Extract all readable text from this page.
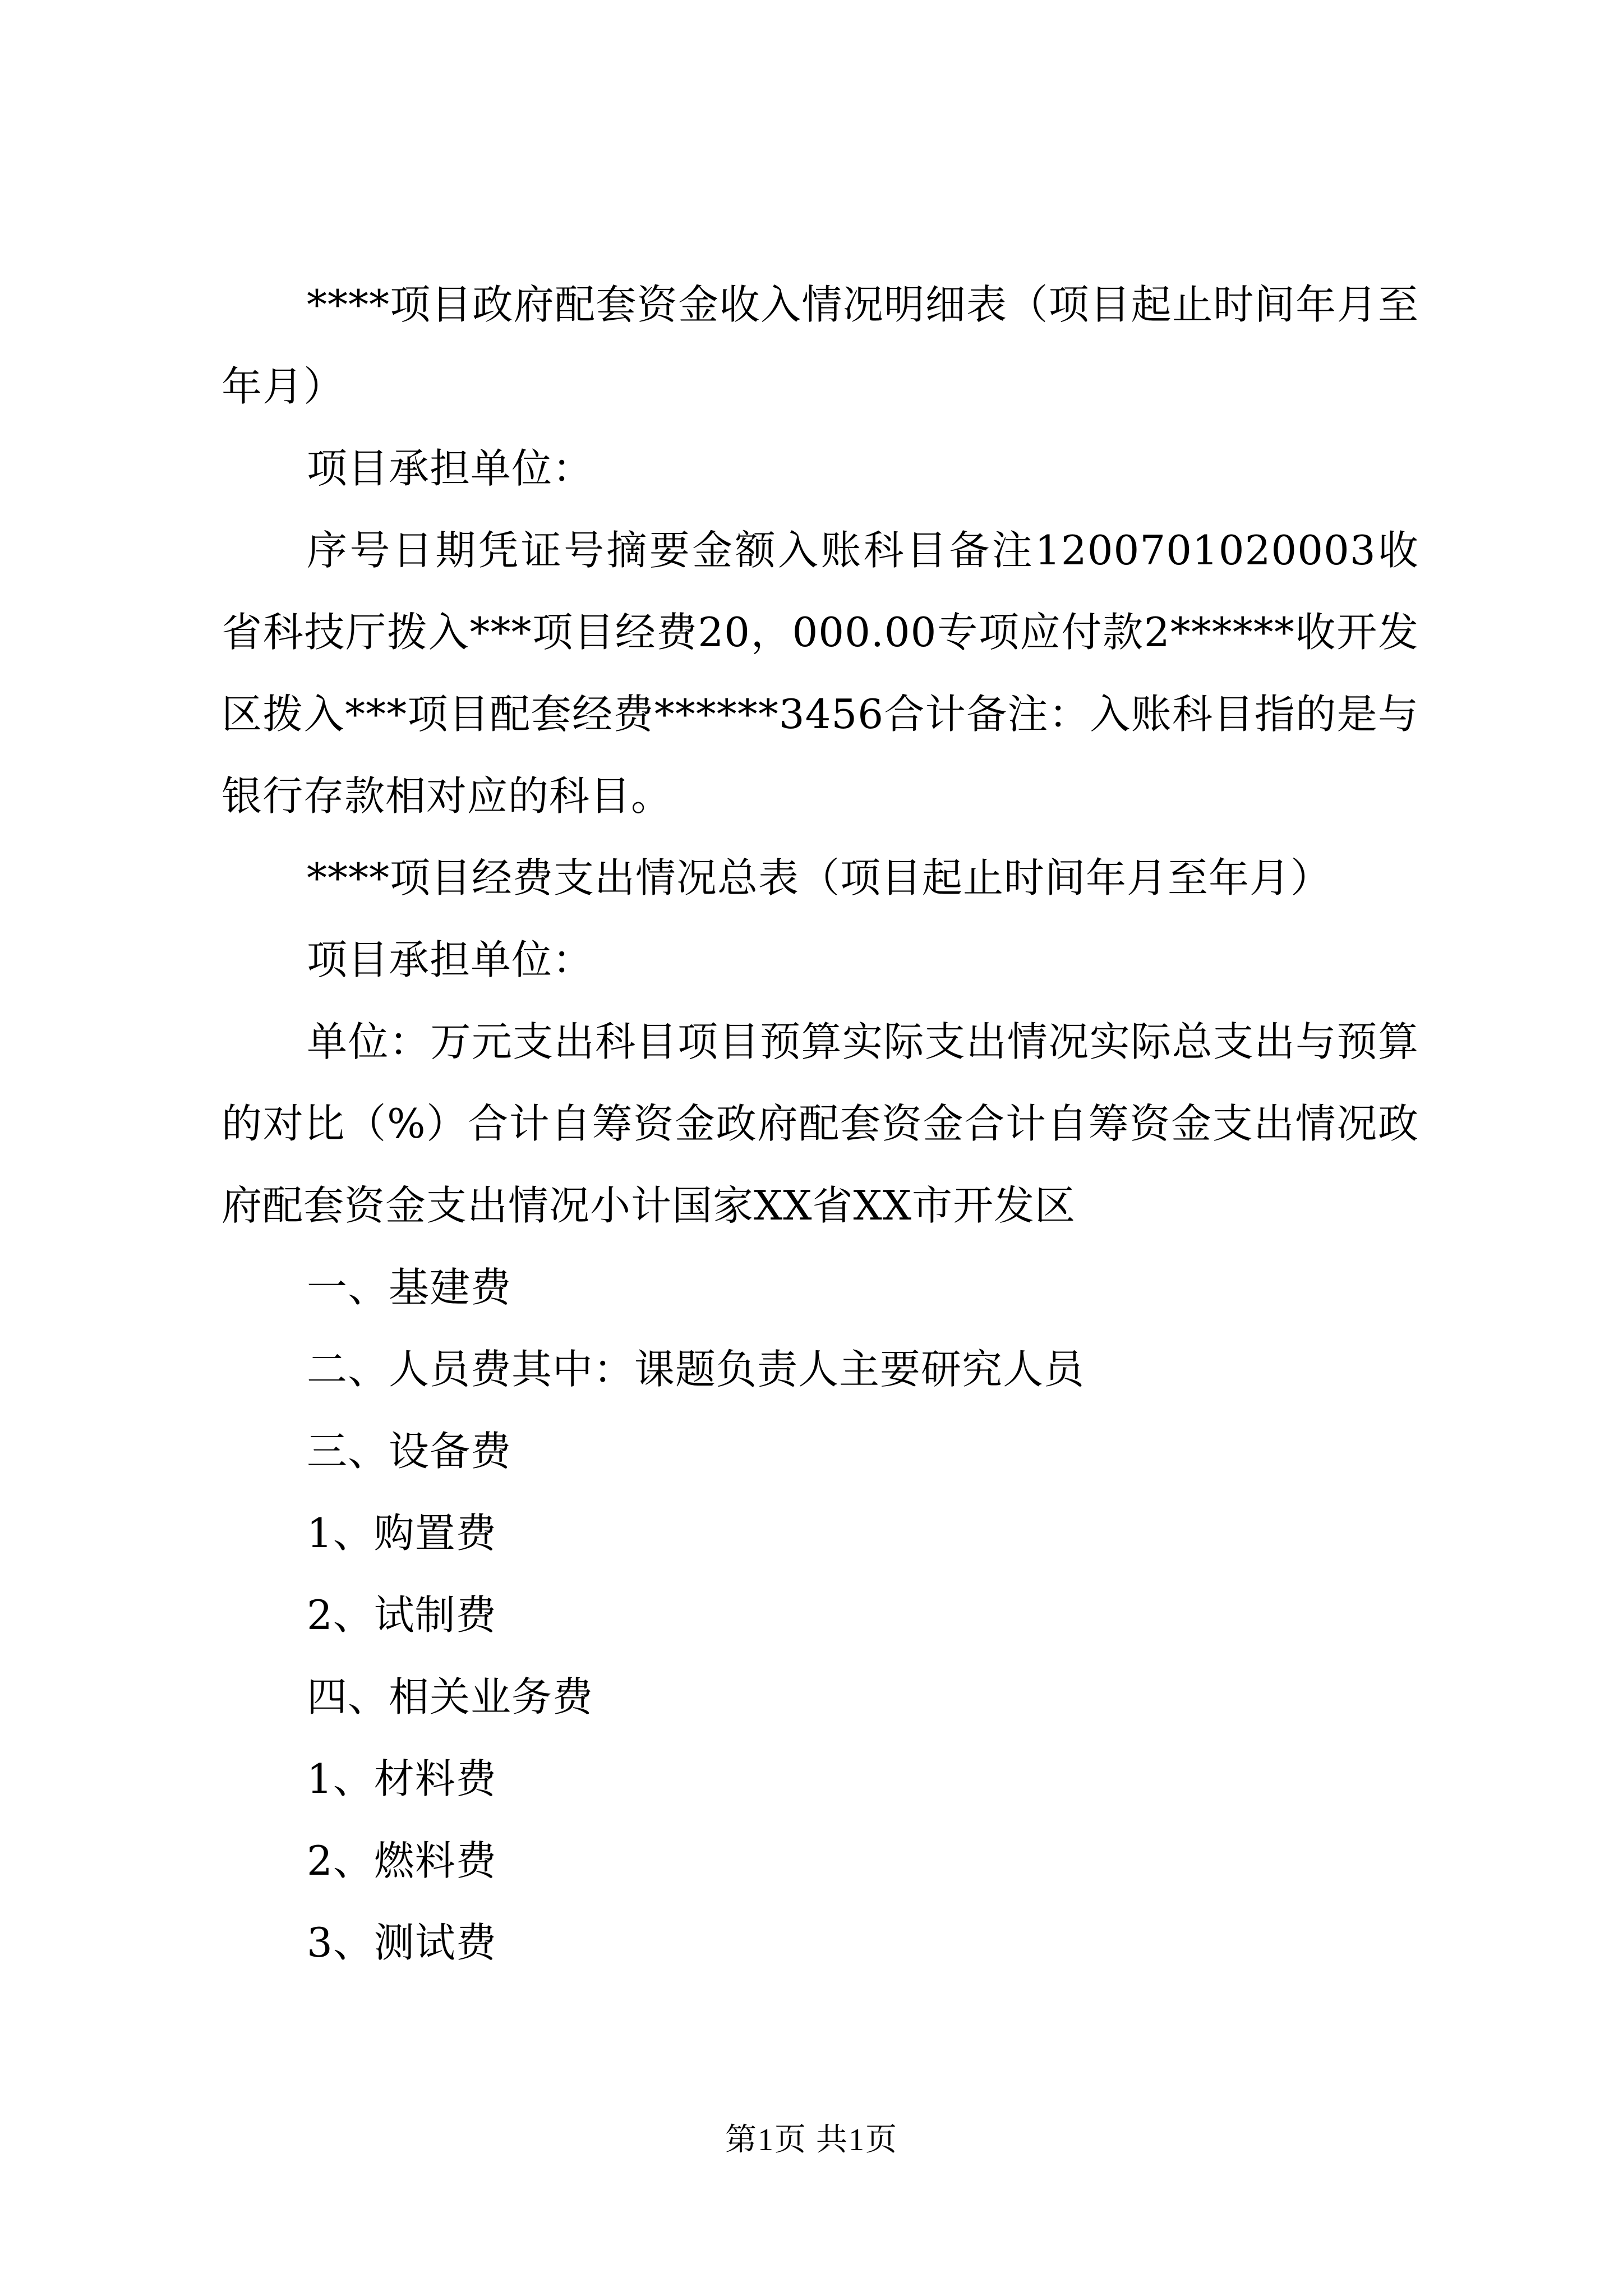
****项目政府配套资金收入情况明细表（项目起止时间年月至年月）

项目承担单位：

序号日期凭证号摘要金额入账科目备注1200701020003收省科技厅拨入***项目经费20，000.00专项应付款2******收开发区拨入***项目配套经费******3456合计备注：入账科目指的是与银行存款相对应的科目。

****项目经费支出情况总表（项目起止时间年月至年月）

项目承担单位：

单位：万元支出科目项目预算实际支出情况实际总支出与预算的对比（%）合计自筹资金政府配套资金合计自筹资金支出情况政府配套资金支出情况小计国家XX省XX市开发区

一、基建费

二、人员费其中：课题负责人主要研究人员

三、设备费

1、购置费

2、试制费

四、相关业务费

1、材料费

2、燃料费

3、测试费

第1页 共1页
